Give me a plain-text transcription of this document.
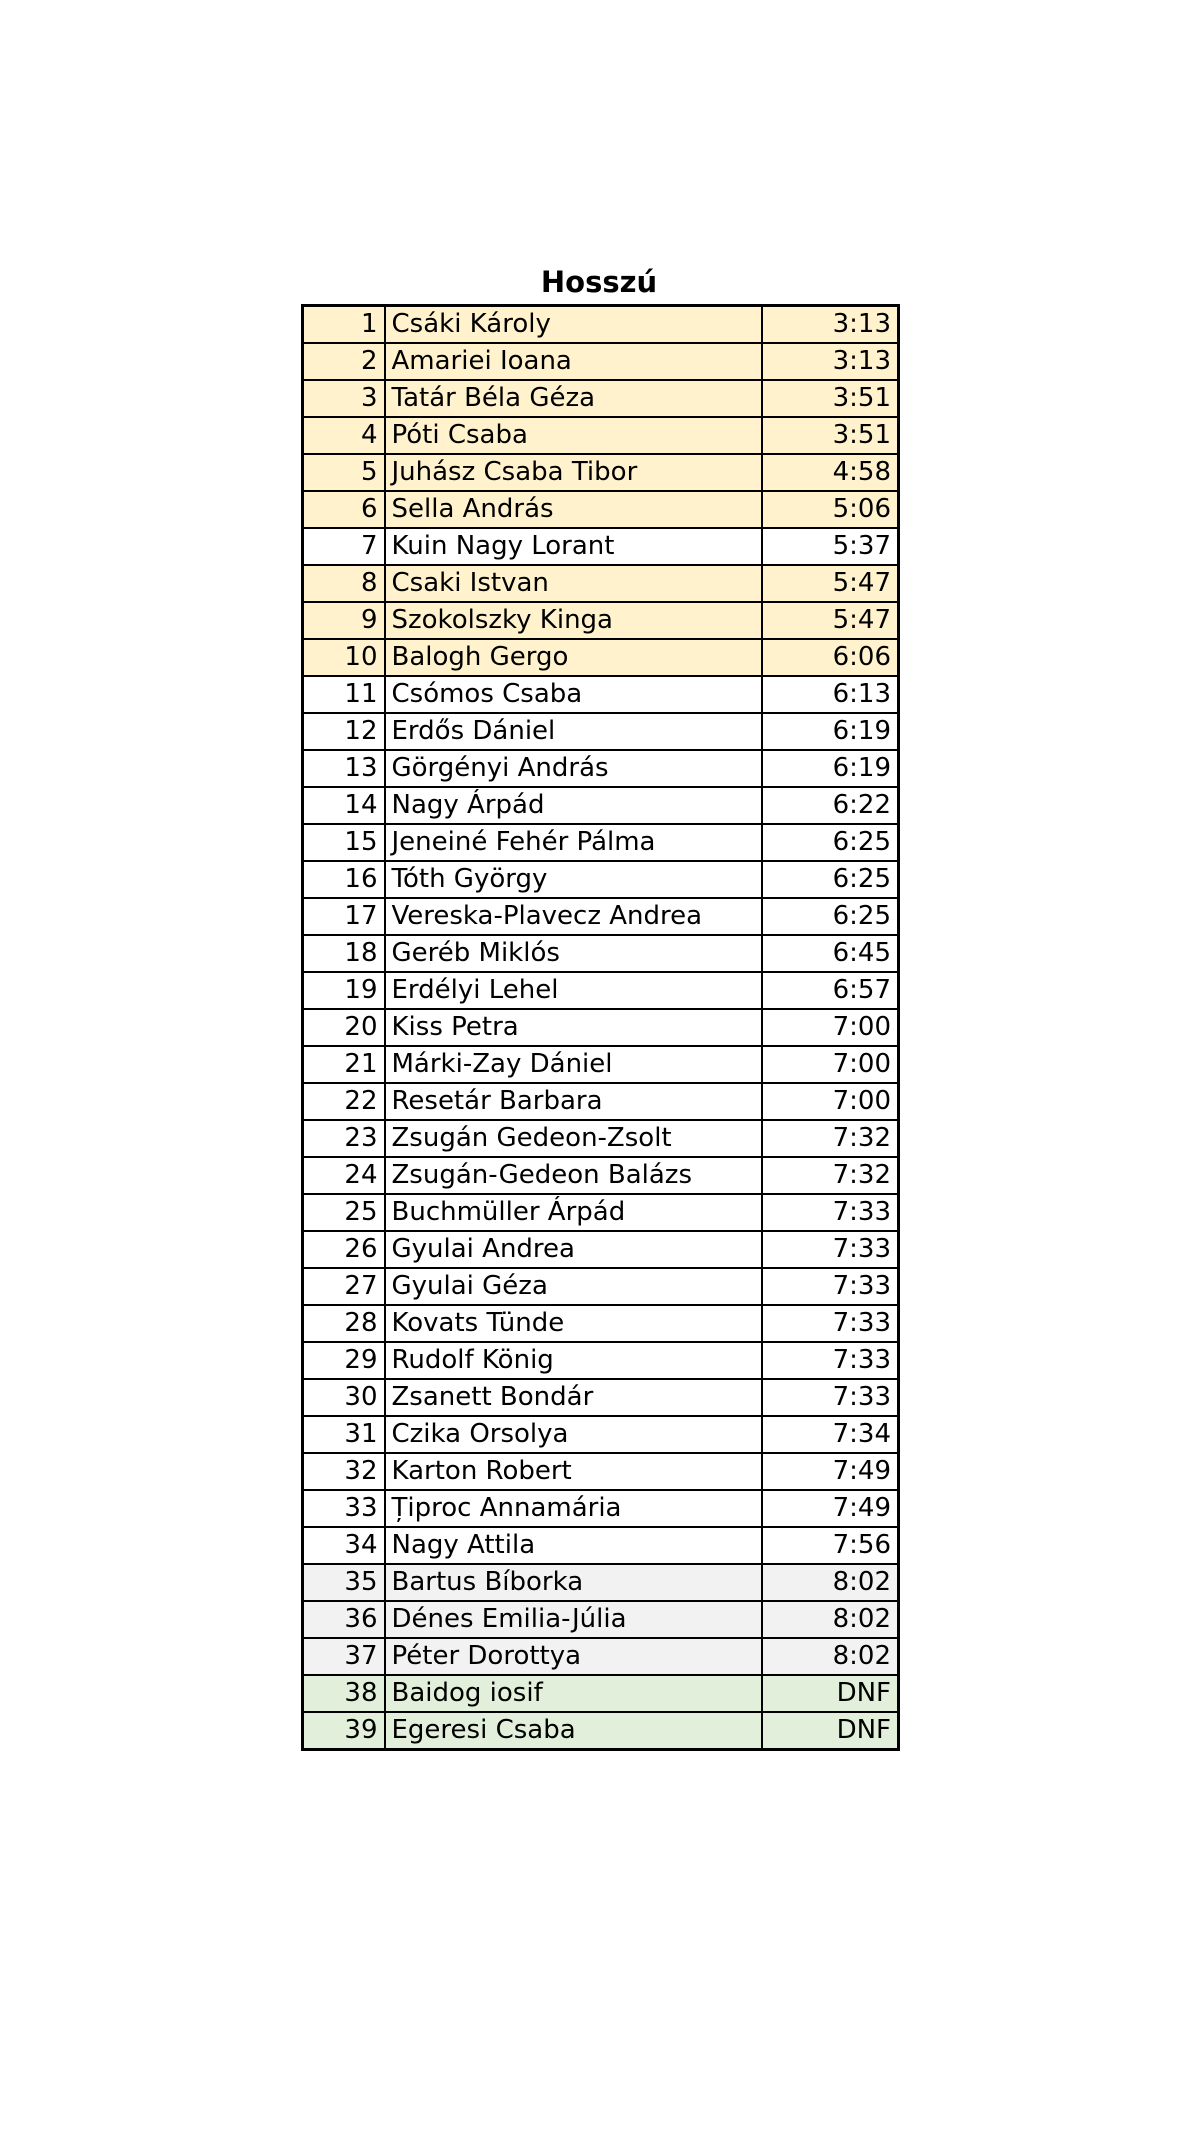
Hosszú
1	Csáki Károly	3:13
2	Amariei Ioana	3:13
3	Tatár Béla Géza	3:51
4	Póti Csaba	3:51
5	Juhász Csaba Tibor	4:58
6	Sella András	5:06
7	Kuin Nagy Lorant	5:37
8	Csaki Istvan	5:47
9	Szokolszky Kinga	5:47
10	Balogh Gergo	6:06
11	Csómos Csaba	6:13
12	Erdős Dániel	6:19
13	Görgényi András	6:19
14	Nagy Árpád	6:22
15	Jeneiné Fehér Pálma	6:25
16	Tóth György	6:25
17	Vereska-Plavecz Andrea	6:25
18	Geréb Miklós	6:45
19	Erdélyi Lehel	6:57
20	Kiss Petra	7:00
21	Márki-Zay Dániel	7:00
22	Resetár Barbara	7:00
23	Zsugán Gedeon-Zsolt	7:32
24	Zsugán-Gedeon Balázs	7:32
25	Buchmüller Árpád	7:33
26	Gyulai Andrea	7:33
27	Gyulai Géza	7:33
28	Kovats Tünde	7:33
29	Rudolf König	7:33
30	Zsanett Bondár	7:33
31	Czika Orsolya	7:34
32	Karton Robert	7:49
33	Țiproc Annamária	7:49
34	Nagy Attila	7:56
35	Bartus Bíborka	8:02
36	Dénes Emilia-Júlia	8:02
37	Péter Dorottya	8:02
38	Baidog iosif	DNF
39	Egeresi Csaba	DNF
